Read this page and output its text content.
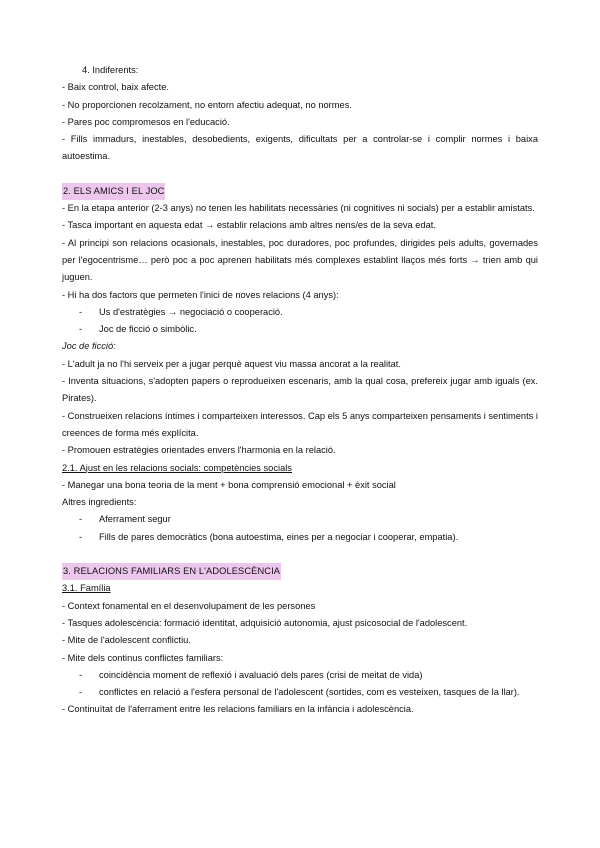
4. Indiferents:

- Baix control, baix afecte.

- No proporcionen recolzament, no entorn afectiu adequat, no normes.

- Pares poc compromesos en l'educació.

- Fills immadurs, inestables, desobedients, exigents, dificultats per a controlar-se i complir normes i baixa autoestima.

2. ELS AMICS I EL JOC

- En la etapa anterior (2-3 anys) no tenen les habilitats necessàries (ni cognitives ni socials) per a establir amistats.

- Tasca important en aquesta edat → establir relacions amb altres nens/es de la seva edat.

- Al principi son relacions ocasionals, inestables, poc duradores, poc profundes, dirigides pels adults, governades per l'egocentrisme… però poc a poc aprenen habilitats més complexes establint llaços més forts → trien amb qui juguen.

- Hi ha dos factors que permeten l'inici de noves relacions (4 anys):

-	Us d'estratègies → negociació o cooperació.
-	Joc de ficció o simbòlic.

Joc de ficció:

- L'adult ja no l'hi serveix per a jugar perquè aquest viu massa ancorat a la realitat.

- Inventa situacions, s'adopten papers o reprodueixen escenaris, amb la qual cosa, prefereix jugar amb iguals (ex. Pirates).

- Construeixen relacions íntimes i comparteixen interessos. Cap els 5 anys comparteixen pensaments i sentiments i creences de forma més explícita.

- Promouen estratègies orientades envers l'harmonia en la relació.

2.1. Ajust en les relacions socials: competències socials

- Manegar una bona teoria de la ment + bona comprensió emocional + èxit social

Altres ingredients:

-	Aferrament segur
-	Fills de pares democràtics (bona autoestima, eines per a negociar i cooperar, empatia).

3. RELACIONS FAMILIARS EN L'ADOLESCÈNCIA

3.1. Família

- Context fonamental en el desenvolupament de les persones

- Tasques adolescència: formació identitat, adquisició autonomia, ajust psicosocial de l'adolescent.

- Mite de l'adolescent conflictiu.

- Mite dels continus conflictes familiars:

-	coincidència moment de reflexió i avaluació dels pares (crisi de meitat de vida)
-	conflictes en relació a l'esfera personal de l'adolescent (sortides, com es vesteixen, tasques de la llar).

- Continuïtat de l'aferrament entre les relacions familiars en la infància i adolescència.
